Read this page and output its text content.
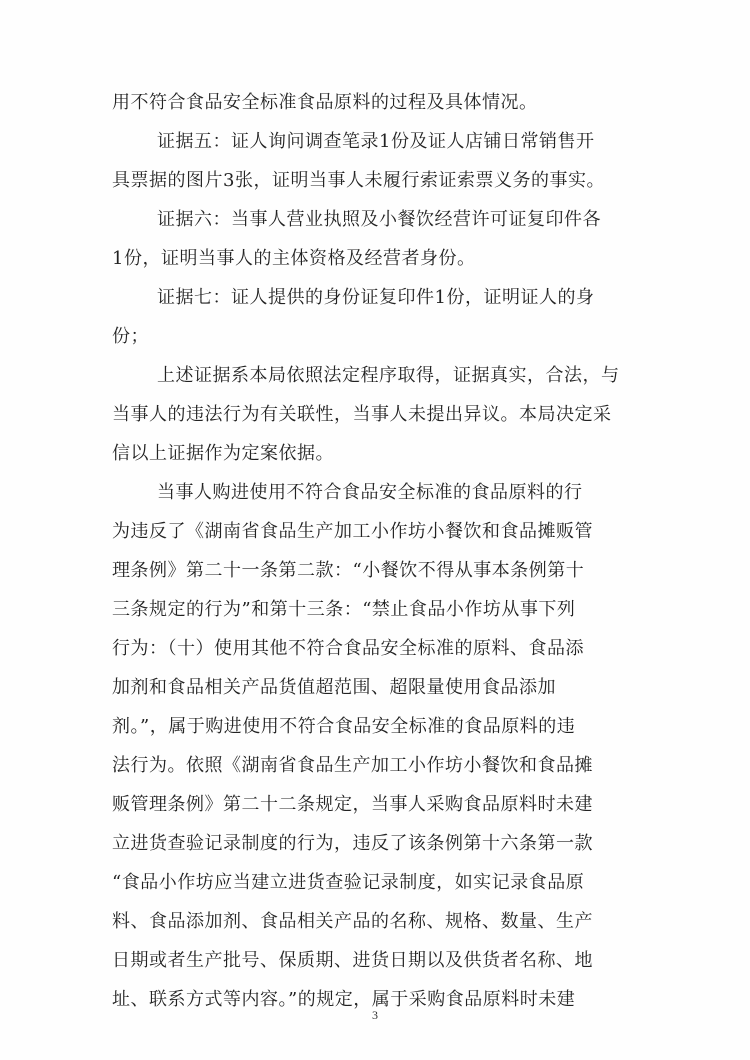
用不符合食品安全标准食品原料的过程及具体情况。
证据五：证人询问调查笔录1份及证人店铺日常销售开
具票据的图片3张，证明当事人未履行索证索票义务的事实。
证据六：当事人营业执照及小餐饮经营许可证复印件各
1份，证明当事人的主体资格及经营者身份。
证据七：证人提供的身份证复印件1份，证明证人的身
份；
上述证据系本局依照法定程序取得，证据真实，合法，与
当事人的违法行为有关联性，当事人未提出异议。本局决定采
信以上证据作为定案依据。
当事人购进使用不符合食品安全标准的食品原料的行
为违反了《湖南省食品生产加工小作坊小餐饮和食品摊贩管
理条例》第二十一条第二款：“小餐饮不得从事本条例第十
三条规定的行为”和第十三条：“禁止食品小作坊从事下列
行为：（十）使用其他不符合食品安全标准的原料、食品添
加剂和食品相关产品货值超范围、超限量使用食品添加
剂。”，属于购进使用不符合食品安全标准的食品原料的违
法行为。依照《湖南省食品生产加工小作坊小餐饮和食品摊
贩管理条例》第二十二条规定，当事人采购食品原料时未建
立进货查验记录制度的行为，违反了该条例第十六条第一款
“食品小作坊应当建立进货查验记录制度，如实记录食品原
料、食品添加剂、食品相关产品的名称、规格、数量、生产
日期或者生产批号、保质期、进货日期以及供货者名称、地
址、联系方式等内容。”的规定，属于采购食品原料时未建
3
